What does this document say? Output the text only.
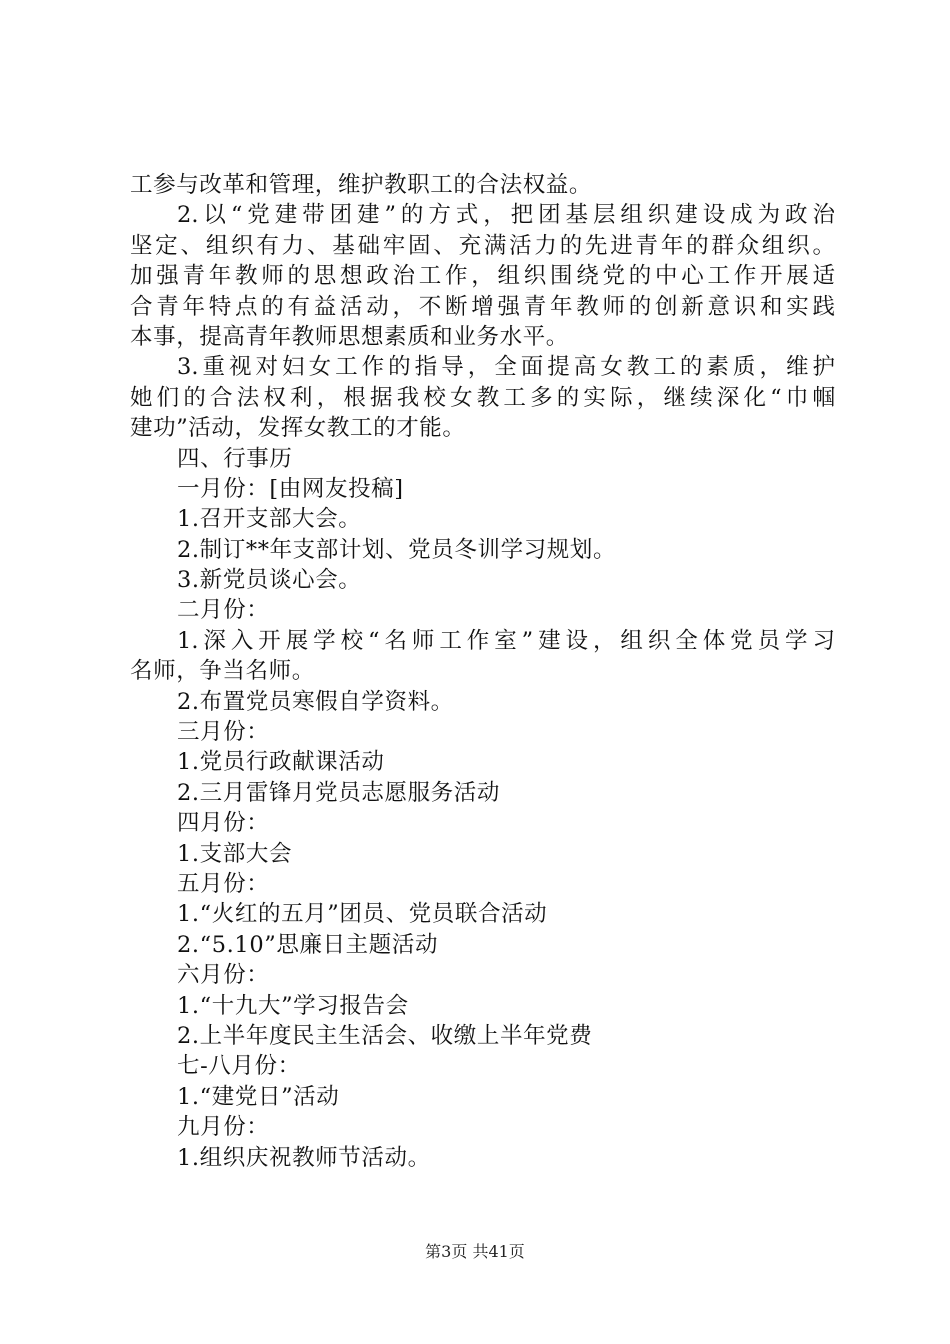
工参与改革和管理，维护教职工的合法权益。
2.以“党建带团建”的方式，把团基层组织建设成为政治
坚定、组织有力、基础牢固、充满活力的先进青年的群众组织。
加强青年教师的思想政治工作，组织围绕党的中心工作开展适
合青年特点的有益活动，不断增强青年教师的创新意识和实践
本事，提高青年教师思想素质和业务水平。
3.重视对妇女工作的指导，全面提高女教工的素质，维护
她们的合法权利，根据我校女教工多的实际，继续深化“巾帼
建功”活动，发挥女教工的才能。
四、行事历
一月份：[由网友投稿]
1.召开支部大会。
2.制订**年支部计划、党员冬训学习规划。
3.新党员谈心会。
二月份：
1.深入开展学校“名师工作室”建设，组织全体党员学习
名师，争当名师。
2.布置党员寒假自学资料。
三月份：
1.党员行政献课活动
2.三月雷锋月党员志愿服务活动
四月份：
1.支部大会
五月份：
1.“火红的五月”团员、党员联合活动
2.“5.10”思廉日主题活动
六月份：
1.“十九大”学习报告会
2.上半年度民主生活会、收缴上半年党费
七-八月份：
1.“建党日”活动
九月份：
1.组织庆祝教师节活动。
第3页 共41页
